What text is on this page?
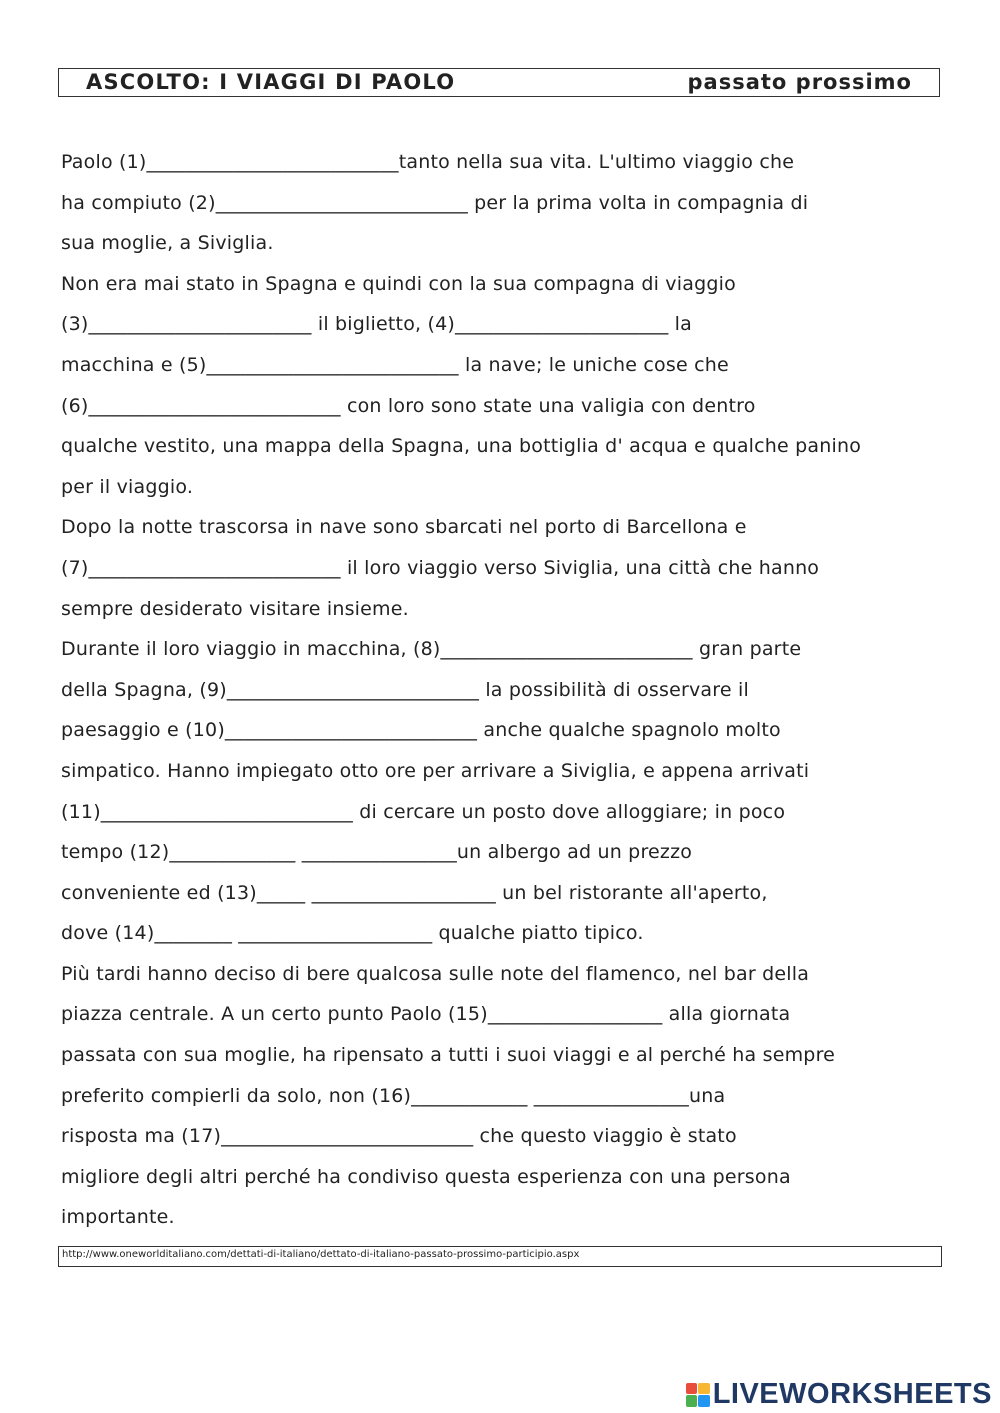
ASCOLTO: I VIAGGI DI PAOLO	passato prossimo
Paolo (1)__________________________tanto nella sua vita. L'ultimo viaggio che
ha compiuto (2)__________________________ per la prima volta in compagnia di
sua moglie, a Siviglia.
Non era mai stato in Spagna e quindi con la sua compagna di viaggio
(3)_______________________ il biglietto, (4)______________________ la
macchina e (5)__________________________ la nave; le uniche cose che
(6)__________________________ con loro sono state una valigia con dentro
qualche vestito, una mappa della Spagna, una bottiglia d' acqua e qualche panino
per il viaggio.
Dopo la notte trascorsa in nave sono sbarcati nel porto di Barcellona e
(7)__________________________ il loro viaggio verso Siviglia, una città che hanno
sempre desiderato visitare insieme.
Durante il loro viaggio in macchina, (8)__________________________ gran parte
della Spagna, (9)__________________________ la possibilità di osservare il
paesaggio e (10)__________________________ anche qualche spagnolo molto
simpatico. Hanno impiegato otto ore per arrivare a Siviglia, e appena arrivati
(11)__________________________ di cercare un posto dove alloggiare; in poco
tempo (12)_____________ ________________un albergo ad un prezzo
conveniente ed (13)_____ ___________________ un bel ristorante all'aperto,
dove (14)________ ____________________ qualche piatto tipico.
Più tardi hanno deciso di bere qualcosa sulle note del flamenco, nel bar della
piazza centrale. A un certo punto Paolo (15)__________________ alla giornata
passata con sua moglie, ha ripensato a tutti i suoi viaggi e al perché ha sempre
preferito compierli da solo, non (16)____________ ________________una
risposta ma (17)__________________________ che questo viaggio è stato
migliore degli altri perché ha condiviso questa esperienza con una persona
importante.
http://www.oneworlditaliano.com/dettati-di-italiano/dettato-di-italiano-passato-prossimo-participio.aspx
LIVEWORKSHEETS
